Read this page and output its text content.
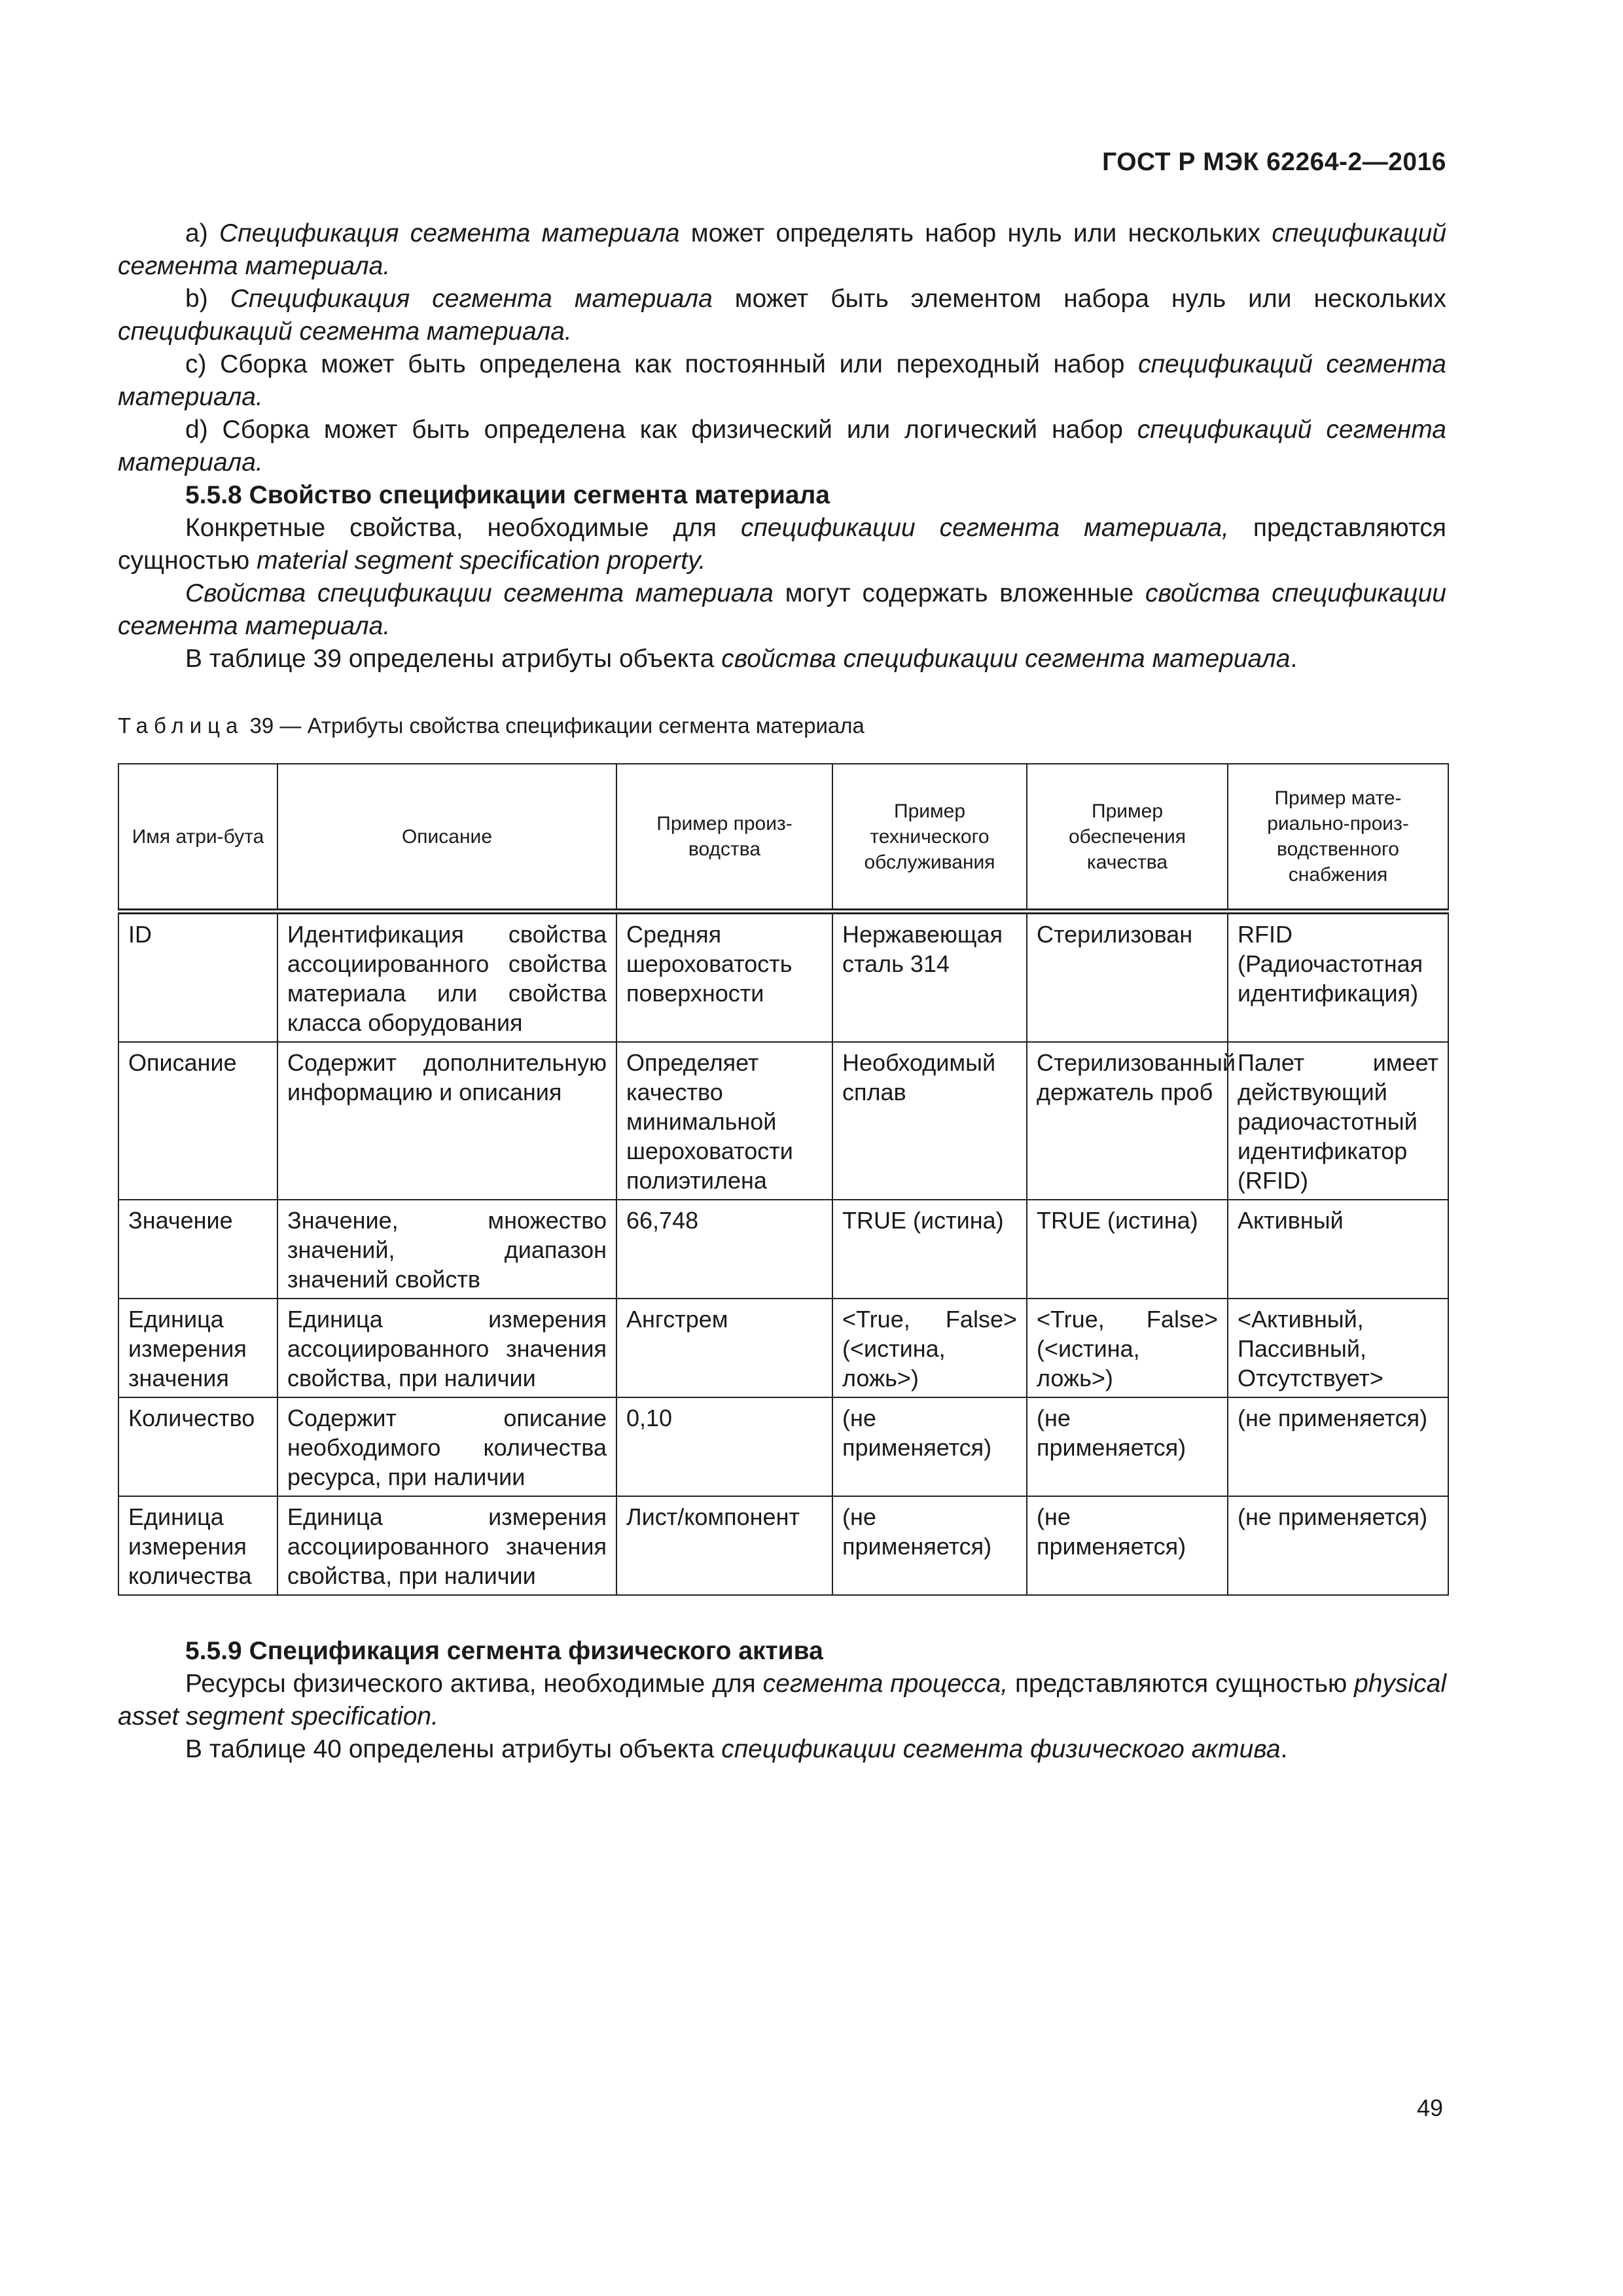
ГОСТ Р МЭК 62264-2—2016

а) Спецификация сегмента материала может определять набор нуль или нескольких спецификаций сегмента материала.

b) Спецификация сегмента материала может быть элементом набора нуль или нескольких спецификаций сегмента материала.

с) Сборка может быть определена как постоянный или переходный набор спецификаций сегмента материала.

d) Сборка может быть определена как физический или логический набор спецификаций сегмента материала.

5.5.8 Свойство спецификации сегмента материала

Конкретные свойства, необходимые для спецификации сегмента материала, представляются сущностью material segment specification property.

Свойства спецификации сегмента материала могут содержать вложенные свойства спецификации сегмента материала.

В таблице 39 определены атрибуты объекта свойства спецификации сегмента материала.

Таблица 39 — Атрибуты свойства спецификации сегмента материала
Имя атри-бута	Описание	Пример произ-водства	Пример технического обслуживания	Пример обеспечения качества	Пример мате-риально-произ-водственного снабжения
ID	Идентификация свойства ассоциированного свойства материала или свойства класса оборудования	Средняя шероховатость поверхности	Нержавеющая сталь 314	Стерилизован	RFID (Радиочастотная идентификация)
Описание	Содержит дополнительную информацию и описания	Определяет качество минимальной шероховатости полиэтилена	Необходимый сплав	Стерилизованный держатель проб	Палет имеет действующий радиочастотный идентификатор (RFID)
Значение	Значение, множество значений, диапазон значений свойств	66,748	TRUE (истина)	TRUE (истина)	Активный
Единица измерения значения	Единица измерения ассоциированного значения свойства, при наличии	Ангстрем	<True, False> (<истина, ложь>)	<True, False> (<истина, ложь>)	<Активный, Пассивный, Отсутствует>
Количество	Содержит описание необходимого количества ресурса, при наличии	0,10	(не применяется)	(не применяется)	(не применяется)
Единица измерения количества	Единица измерения ассоциированного значения свойства, при наличии	Лист/компонент	(не применяется)	(не применяется)	(не применяется)

5.5.9 Спецификация сегмента физического актива

Ресурсы физического актива, необходимые для сегмента процесса, представляются сущностью physical asset segment specification.

В таблице 40 определены атрибуты объекта спецификации сегмента физического актива.

49
